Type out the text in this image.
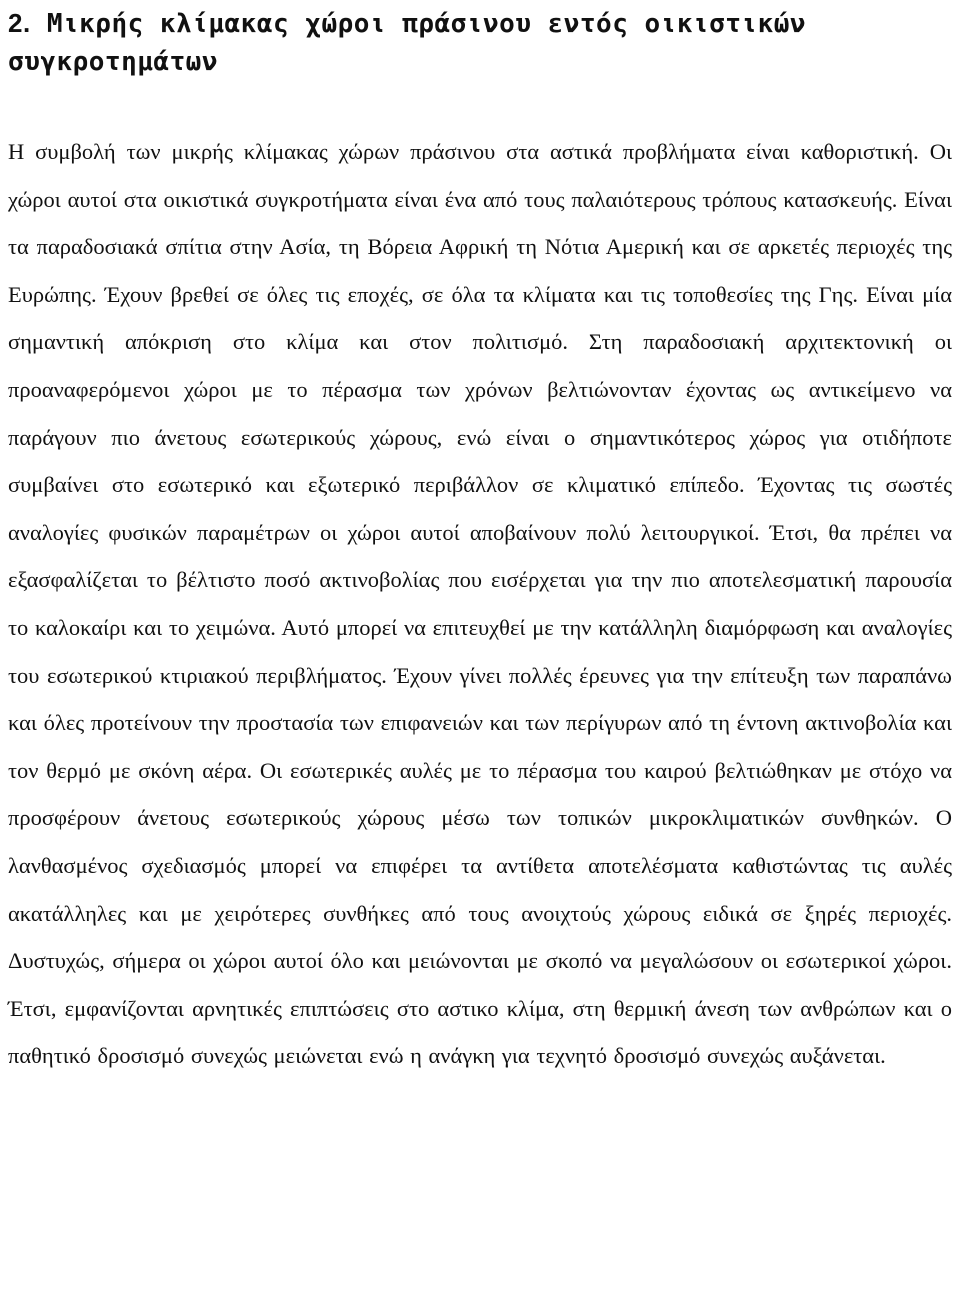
2. Μικρής κλίμακας χώροι πράσινου εντός οικιστικών συγκροτημάτων

Η συμβολή των μικρής κλίμακας χώρων πράσινου στα αστικά προβλήματα είναι καθοριστική. Οι χώροι αυτοί στα οικιστικά συγκροτήματα είναι ένα από τους παλαιότερους τρόπους κατασκευής. Είναι τα παραδοσιακά σπίτια στην Ασία, τη Βόρεια Αφρική τη Νότια Αμερική και σε αρκετές περιοχές της Ευρώπης. Έχουν βρεθεί σε όλες τις εποχές, σε όλα τα κλίματα και τις τοποθεσίες της Γης. Είναι μία σημαντική απόκριση στο κλίμα και στον πολιτισμό. Στη παραδοσιακή αρχιτεκτονική οι προαναφερόμενοι χώροι με το πέρασμα των χρόνων βελτιώνονταν έχοντας ως αντικείμενο να παράγουν πιο άνετους εσωτερικούς χώρους, ενώ είναι ο σημαντικότερος χώρος για οτιδήποτε συμβαίνει στο εσωτερικό και εξωτερικό περιβάλλον σε κλιματικό επίπεδο. Έχοντας τις σωστές αναλογίες φυσικών παραμέτρων οι χώροι αυτοί αποβαίνουν πολύ λειτουργικοί. Έτσι, θα πρέπει να εξασφαλίζεται το βέλτιστο ποσό ακτινοβολίας που εισέρχεται για την πιο αποτελεσματική παρουσία το καλοκαίρι και το χειμώνα. Αυτό μπορεί να επιτευχθεί με την κατάλληλη διαμόρφωση και αναλογίες του εσωτερικού κτιριακού περιβλήματος. Έχουν γίνει πολλές έρευνες για την επίτευξη των παραπάνω και όλες προτείνουν την προστασία των επιφανειών και των περίγυρων από τη έντονη ακτινοβολία και τον θερμό με σκόνη αέρα. Οι εσωτερικές αυλές με το πέρασμα του καιρού βελτιώθηκαν με στόχο να προσφέρουν άνετους εσωτερικούς χώρους μέσω των τοπικών μικροκλιματικών συνθηκών. Ο λανθασμένος σχεδιασμός μπορεί να επιφέρει τα αντίθετα αποτελέσματα καθιστώντας τις αυλές ακατάλληλες και με χειρότερες συνθήκες από τους ανοιχτούς χώρους ειδικά σε ξηρές περιοχές. Δυστυχώς, σήμερα οι χώροι αυτοί όλο και μειώνονται με σκοπό να μεγαλώσουν οι εσωτερικοί χώροι. Έτσι, εμφανίζονται αρνητικές επιπτώσεις στο αστικο κλίμα, στη θερμική άνεση των ανθρώπων και ο παθητικό δροσισμό συνεχώς μειώνεται ενώ η ανάγκη για τεχνητό δροσισμό συνεχώς αυξάνεται.
